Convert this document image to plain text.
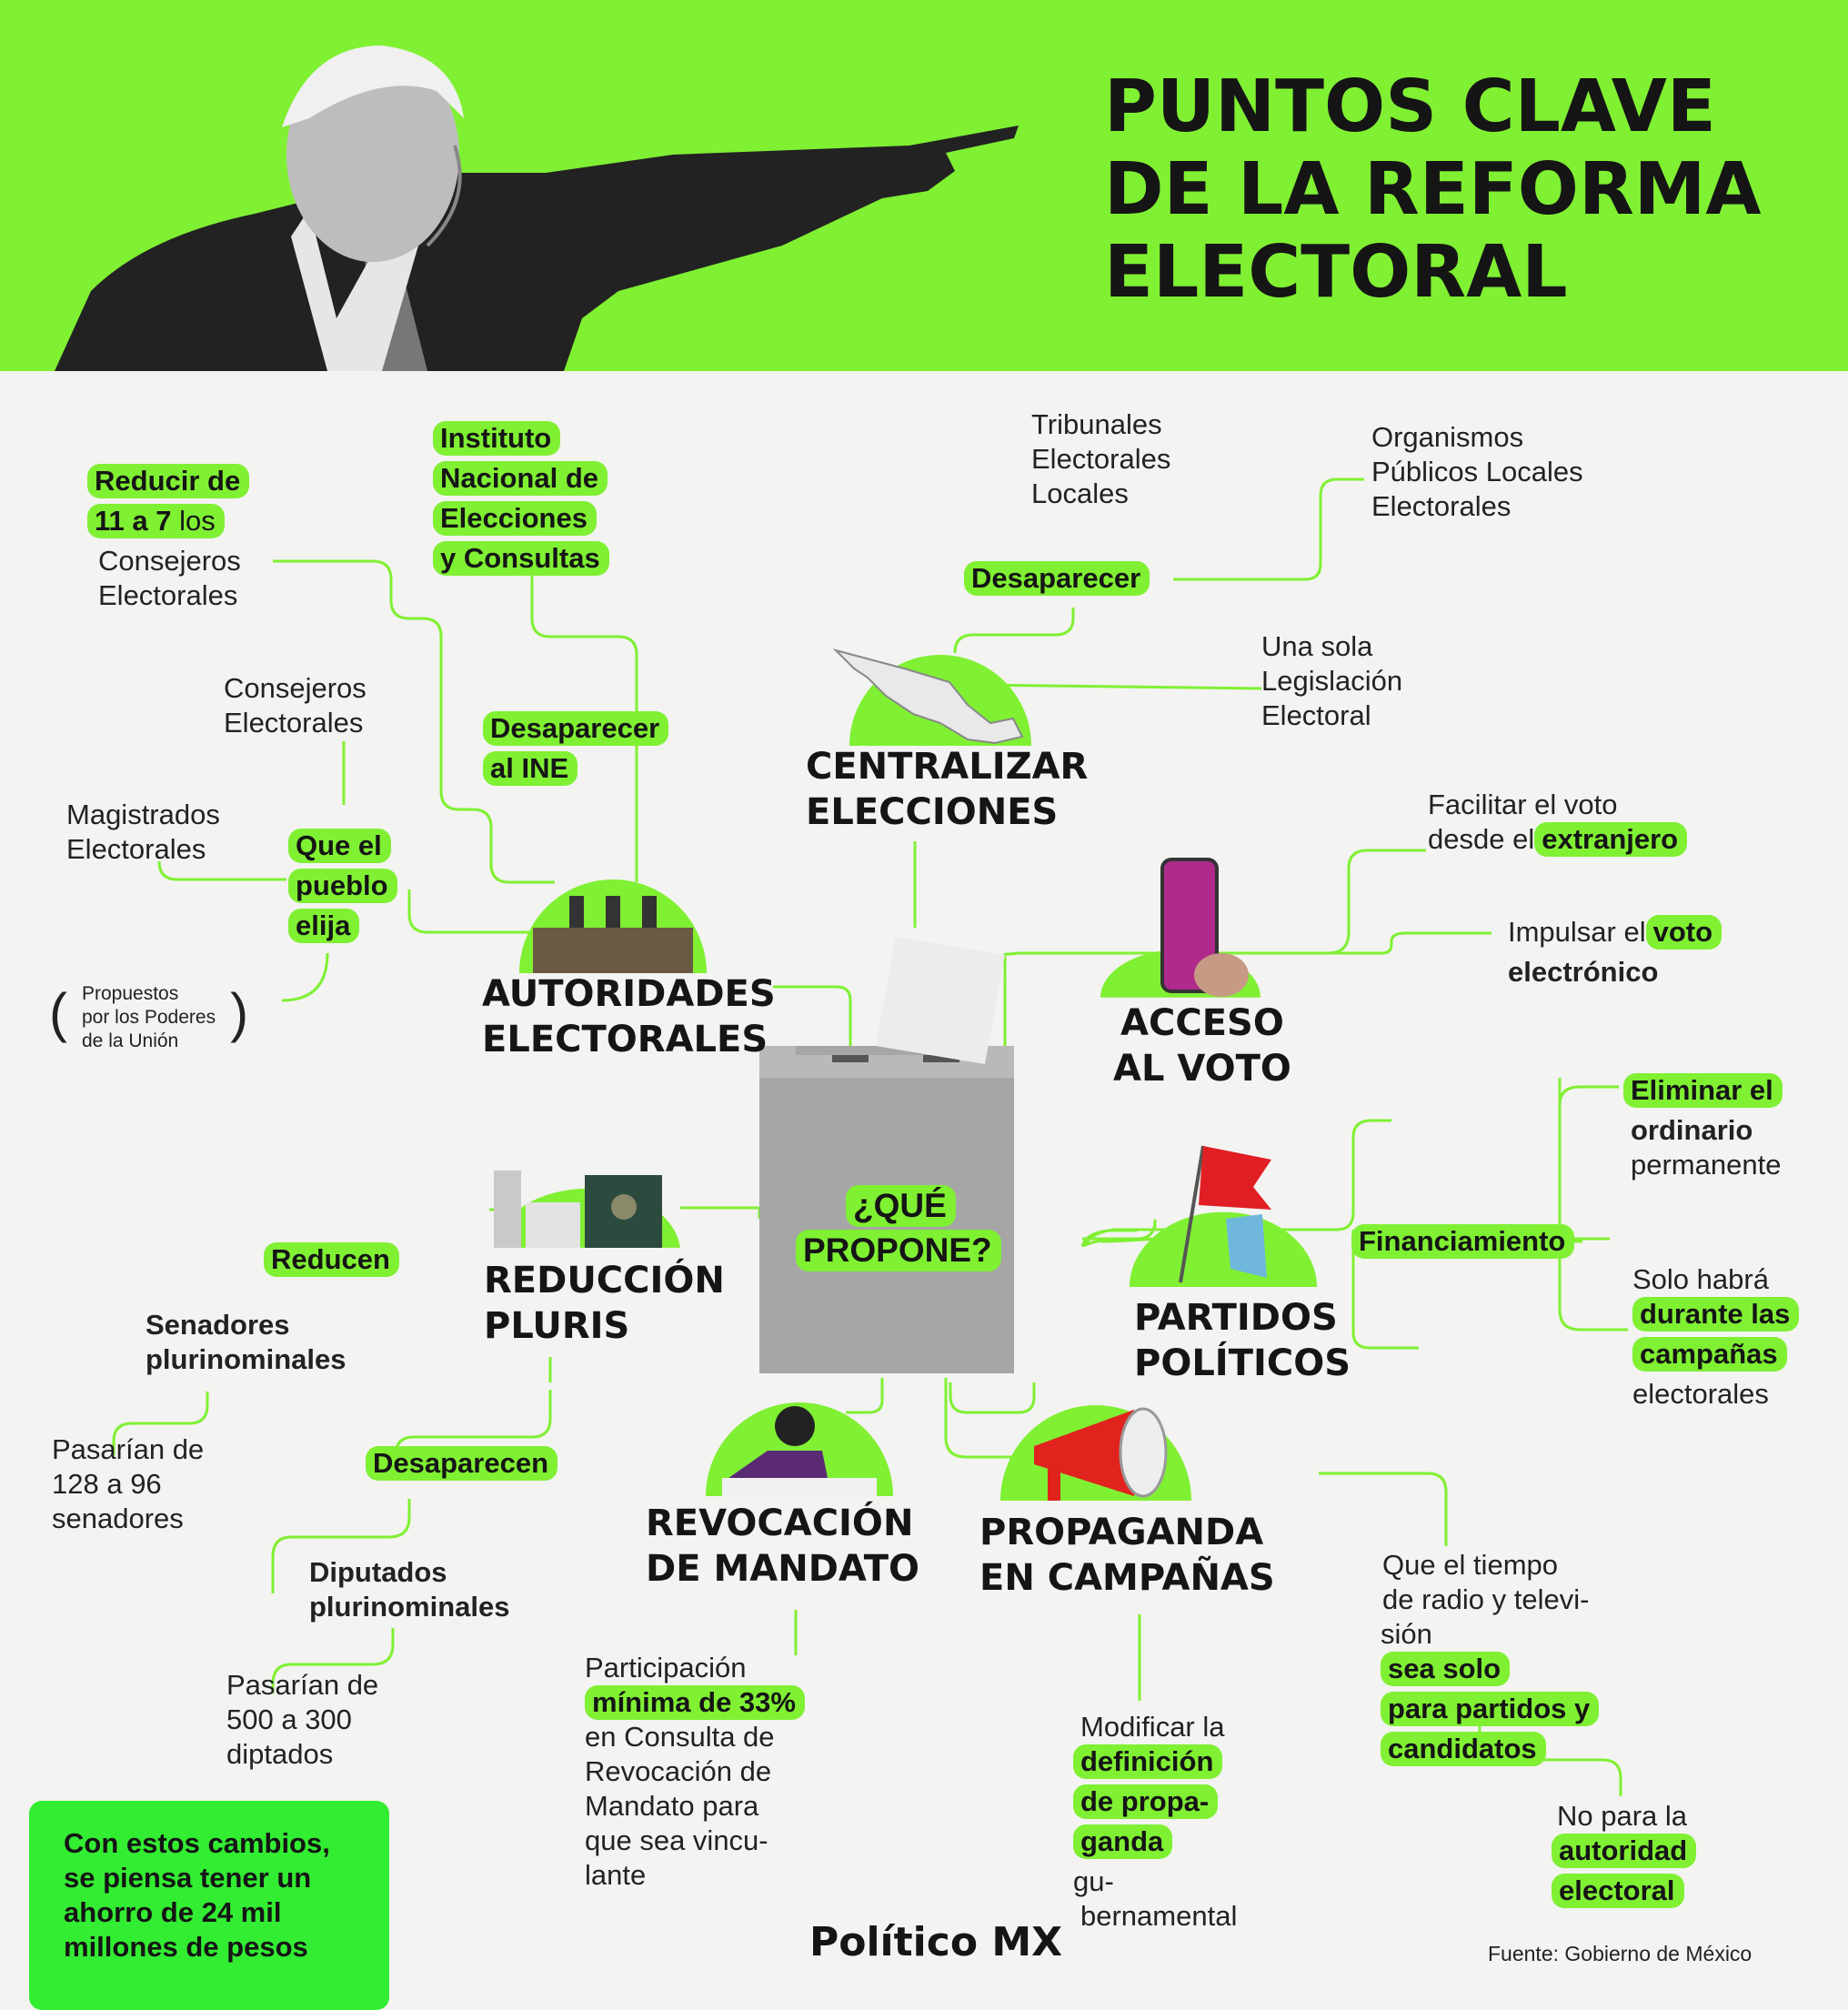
PUNTOS CLAVE
DE LA REFORMA
ELECTORAL
¿QUÉ
PROPONE?
AUTORIDADES
ELECTORALES
CENTRALIZAR
ELECCIONES
ACCESO
AL VOTO
PARTIDOS
POLÍTICOS
REDUCCIÓN
PLURIS
REVOCACIÓN
DE MANDATO
PROPAGANDA
EN CAMPAÑAS
Reducir de
11 a 7 los
Consejeros
Electorales
Instituto
Nacional de
Elecciones
y Consultas
Desaparecer
al INE
Consejeros
Electorales
Magistrados
Electorales	Que el
pueblo
elija
( Propuestos
por los Poderes
de la Unión )
Tribunales
Electorales
Locales
Organismos
Públicos Locales
Electorales
Desaparecer
Una sola
Legislación
Electoral
Facilitar el voto
desde el extranjero
Impulsar el voto
electrónico
Financiamiento
Eliminar el
ordinario
permanente
Solo habrá
durante las
campañas
electorales
Reducen
Senadores
plurinominales
Pasarían de
128 a 96
senadores
Desaparecen
Diputados
plurinominales
Pasarían de
500 a 300
diptados
Participación
mínima de 33%
en Consulta de
Revocación de
Mandato para
que sea vincu-
lante
Modificar la
definición
de propa-
ganda
gu-
bernamental
Que el tiempo
de radio y televi-
sión
sea solo
para partidos y
candidatos
No para la
autoridad
electoral
Con estos cambios,
se piensa tener un
ahorro de 24 mil
millones de pesos	Político MX	Fuente: Gobierno de México
